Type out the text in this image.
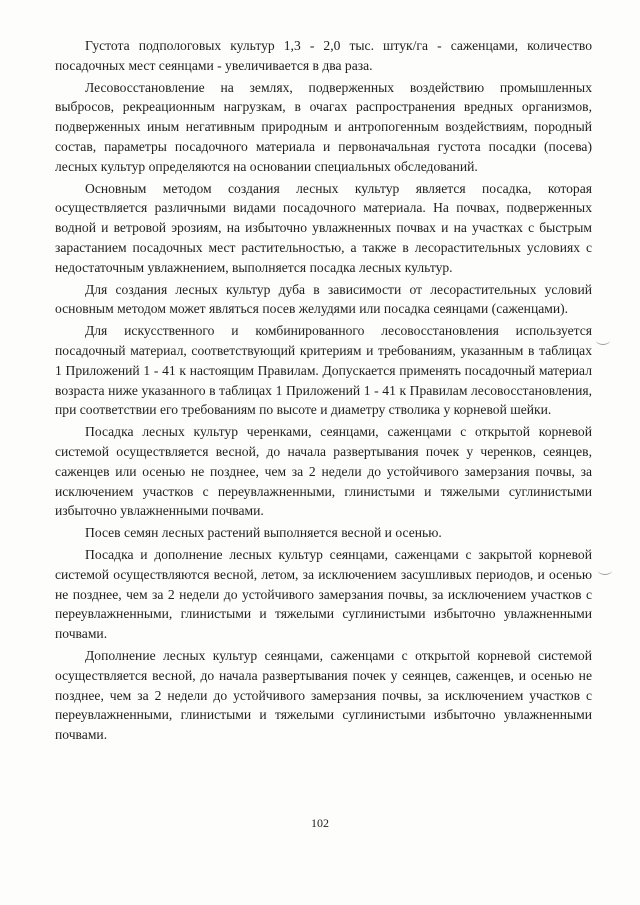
Густота подпологовых культур 1,3 - 2,0 тыс. штук/га - саженцами, количество посадочных мест сеянцами - увеличивается в два раза.

Лесовосстановление на землях, подверженных воздействию промышленных выбросов, рекреационным нагрузкам, в очагах распространения вредных организмов, подверженных иным негативным природным и антропогенным воздействиям, породный состав, параметры посадочного материала и первоначальная густота посадки (посева) лесных культур определяются на основании специальных обследований.

Основным методом создания лесных культур является посадка, которая осуществляется различными видами посадочного материала. На почвах, подверженных водной и ветровой эрозиям, на избыточно увлажненных почвах и на участках с быстрым зарастанием посадочных мест растительностью, а также в лесорастительных условиях с недостаточным увлажнением, выполняется посадка лесных культур.

Для создания лесных культур дуба в зависимости от лесорастительных условий основным методом может являться посев желудями или посадка сеянцами (саженцами).

Для искусственного и комбинированного лесовосстановления используется посадочный материал, соответствующий критериям и требованиям, указанным в таблицах 1 Приложений 1 - 41 к настоящим Правилам. Допускается применять посадочный материал возраста ниже указанного в таблицах 1 Приложений 1 - 41 к Правилам лесовосстановления, при соответствии его требованиям по высоте и диаметру стволика у корневой шейки.

Посадка лесных культур черенками, сеянцами, саженцами с открытой корневой системой осуществляется весной, до начала развертывания почек у черенков, сеянцев, саженцев или осенью не позднее, чем за 2 недели до устойчивого замерзания почвы, за исключением участков с переувлажненными, глинистыми и тяжелыми суглинистыми избыточно увлажненными почвами.

Посев семян лесных растений выполняется весной и осенью.

Посадка и дополнение лесных культур сеянцами, саженцами с закрытой корневой системой осуществляются весной, летом, за исключением засушливых периодов, и осенью не позднее, чем за 2 недели до устойчивого замерзания почвы, за исключением участков с переувлажненными, глинистыми и тяжелыми суглинистыми избыточно увлажненными почвами.

Дополнение лесных культур сеянцами, саженцами с открытой корневой системой осуществляется весной, до начала развертывания почек у сеянцев, саженцев, и осенью не позднее, чем за 2 недели до устойчивого замерзания почвы, за исключением участков с переувлажненными, глинистыми и тяжелыми суглинистыми избыточно увлажненными почвами.

102
